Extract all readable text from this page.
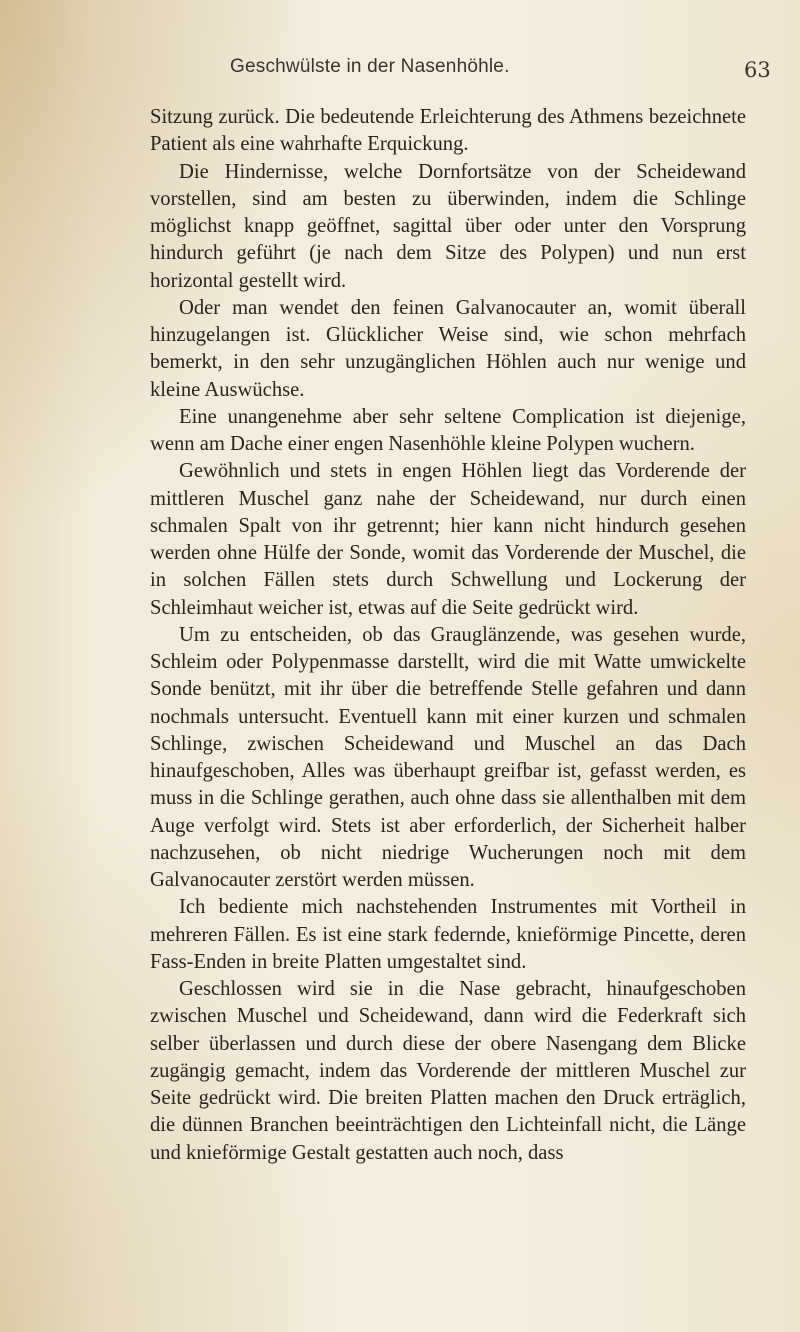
Geschwülste in der Nasenhöhle.	63

Sitzung zurück. Die bedeutende Erleichterung des Athmens bezeichnete Patient als eine wahrhafte Erquickung.

Die Hindernisse, welche Dornfortsätze von der Scheidewand vorstellen, sind am besten zu überwinden, indem die Schlinge möglichst knapp geöffnet, sagittal über oder unter den Vorsprung hindurch geführt (je nach dem Sitze des Polypen) und nun erst horizontal gestellt wird.

Oder man wendet den feinen Galvanocauter an, womit überall hinzugelangen ist. Glücklicher Weise sind, wie schon mehrfach bemerkt, in den sehr unzugänglichen Höhlen auch nur wenige und kleine Auswüchse.

Eine unangenehme aber sehr seltene Complication ist diejenige, wenn am Dache einer engen Nasenhöhle kleine Polypen wuchern.

Gewöhnlich und stets in engen Höhlen liegt das Vorderende der mittleren Muschel ganz nahe der Scheidewand, nur durch einen schmalen Spalt von ihr getrennt; hier kann nicht hindurch gesehen werden ohne Hülfe der Sonde, womit das Vorderende der Muschel, die in solchen Fällen stets durch Schwellung und Lockerung der Schleimhaut weicher ist, etwas auf die Seite gedrückt wird.

Um zu entscheiden, ob das Grauglänzende, was gesehen wurde, Schleim oder Polypenmasse darstellt, wird die mit Watte umwickelte Sonde benützt, mit ihr über die betreffende Stelle gefahren und dann nochmals untersucht. Eventuell kann mit einer kurzen und schmalen Schlinge, zwischen Scheidewand und Muschel an das Dach hinaufgeschoben, Alles was überhaupt greifbar ist, gefasst werden, es muss in die Schlinge gerathen, auch ohne dass sie allenthalben mit dem Auge verfolgt wird. Stets ist aber erforderlich, der Sicherheit halber nachzusehen, ob nicht niedrige Wucherungen noch mit dem Galvanocauter zerstört werden müssen.

Ich bediente mich nachstehenden Instrumentes mit Vortheil in mehreren Fällen. Es ist eine stark federnde, knieförmige Pincette, deren Fass-Enden in breite Platten umgestaltet sind.

Geschlossen wird sie in die Nase gebracht, hinaufgeschoben zwischen Muschel und Scheidewand, dann wird die Federkraft sich selber überlassen und durch diese der obere Nasengang dem Blicke zugängig gemacht, indem das Vorderende der mittleren Muschel zur Seite gedrückt wird. Die breiten Platten machen den Druck erträglich, die dünnen Branchen beeinträchtigen den Lichteinfall nicht, die Länge und knieförmige Gestalt gestatten auch noch, dass
